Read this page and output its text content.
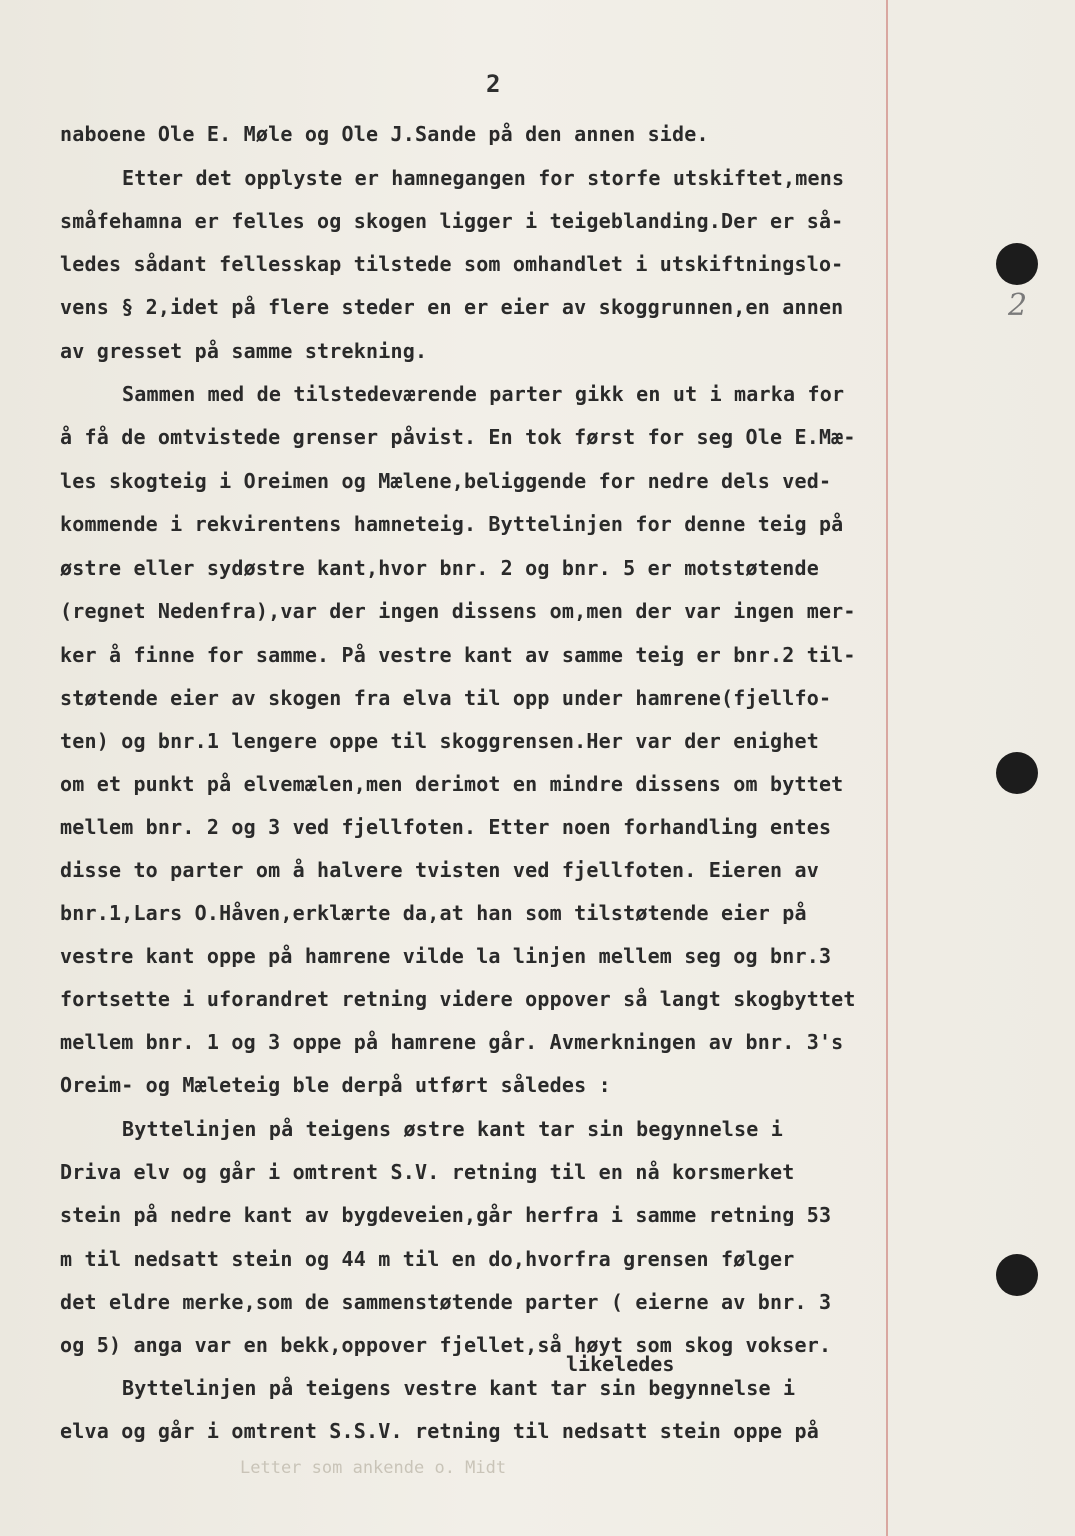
2
2
naboene Ole E. Møle og Ole J.Sande på den annen side.
Etter det opplyste er hamnegangen for storfe utskiftet,mens
småfehamna er felles og skogen ligger i teigeblanding.Der er så-
ledes sådant fellesskap tilstede som omhandlet i utskiftningslo-
vens § 2,idet på flere steder en er eier av skoggrunnen,en annen
av gresset på samme strekning.
Sammen med de tilstedeværende parter gikk en ut i marka for
å få de omtvistede grenser påvist. En tok først for seg Ole E.Mæ-
les skogteig i Oreimen og Mælene,beliggende for nedre dels ved-
kommende i rekvirentens hamneteig. Byttelinjen for denne teig på
østre eller sydøstre kant,hvor bnr. 2 og bnr. 5 er motstøtende
(regnet Nedenfra),var der ingen dissens om,men der var ingen mer-
ker å finne for samme. På vestre kant av samme teig er bnr.2 til-
støtende eier av skogen fra elva til opp under hamrene(fjellfo-
ten) og bnr.1 lengere oppe til skoggrensen.Her var der enighet
om et punkt på elvemælen,men derimot en mindre dissens om byttet
mellem bnr. 2 og 3 ved fjellfoten. Etter noen forhandling entes
disse to parter om å halvere tvisten ved fjellfoten. Eieren av
bnr.1,Lars O.Håven,erklærte da,at han som tilstøtende eier på
vestre kant oppe på hamrene vilde la linjen mellem seg og bnr.3
fortsette i uforandret retning videre oppover så langt skogbyttet
mellem bnr. 1 og 3 oppe på hamrene går. Avmerkningen av bnr. 3's
Oreim- og Mæleteig ble derpå utført således :
Byttelinjen på teigens østre kant tar sin begynnelse i
Driva elv og går i omtrent S.V. retning til en nå korsmerket
stein på nedre kant av bygdeveien,går herfra i samme retning 53
m til nedsatt stein og 44 m til en do,hvorfra grensen følger
det eldre merke,som de sammenstøtende parter ( eierne av bnr. 3
og 5) anga var en bekk,oppover fjellet,så høyt som skog vokser.
Byttelinjen på teigens vestre kant tar sin begynnelse i
elva og går i omtrent S.S.V. retning til nedsatt stein oppe på
likeledes
Letter som ankende o. Midt
